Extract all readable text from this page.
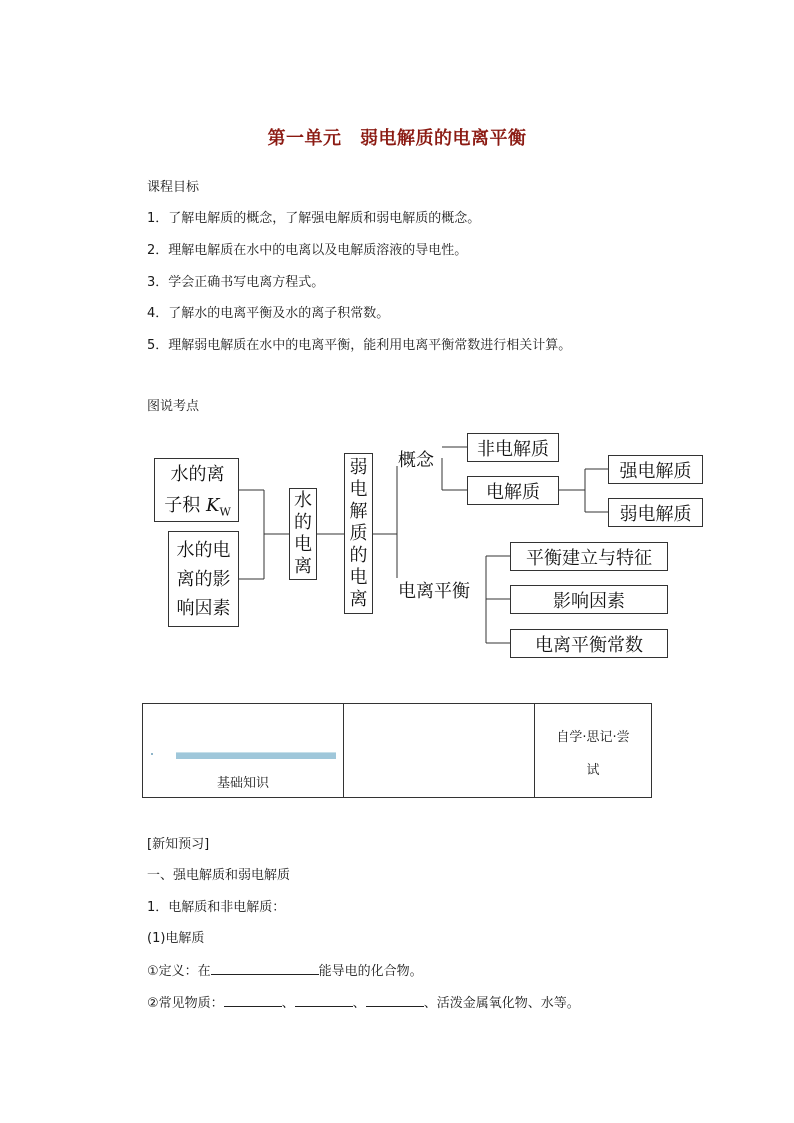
第一单元　弱电解质的电离平衡
课程目标
1．了解电解质的概念，了解强电解质和弱电解质的概念。
2．理解电解质在水中的电离以及电解质溶液的导电性。
3．学会正确书写电离方程式。
4．了解水的电离平衡及水的离子积常数。
5．理解弱电解质在水中的电离平衡，能利用电离平衡常数进行相关计算。
图说考点
水的离
子积 $K_W$
水的电
离的影
响因素
水
的
电
离
弱
电
解
质
的
电
离
概念
非电解质
电解质
强电解质
弱电解质
电离平衡
平衡建立与特征
影响因素
电离平衡常数
基础知识
自学·思记·尝
试
[新知预习]
一、强电解质和弱电解质
1．电解质和非电解质：
(1)电解质
①定义：在	能导电的化合物。
②常见物质：	、	、	、活泼金属氧化物、水等。
